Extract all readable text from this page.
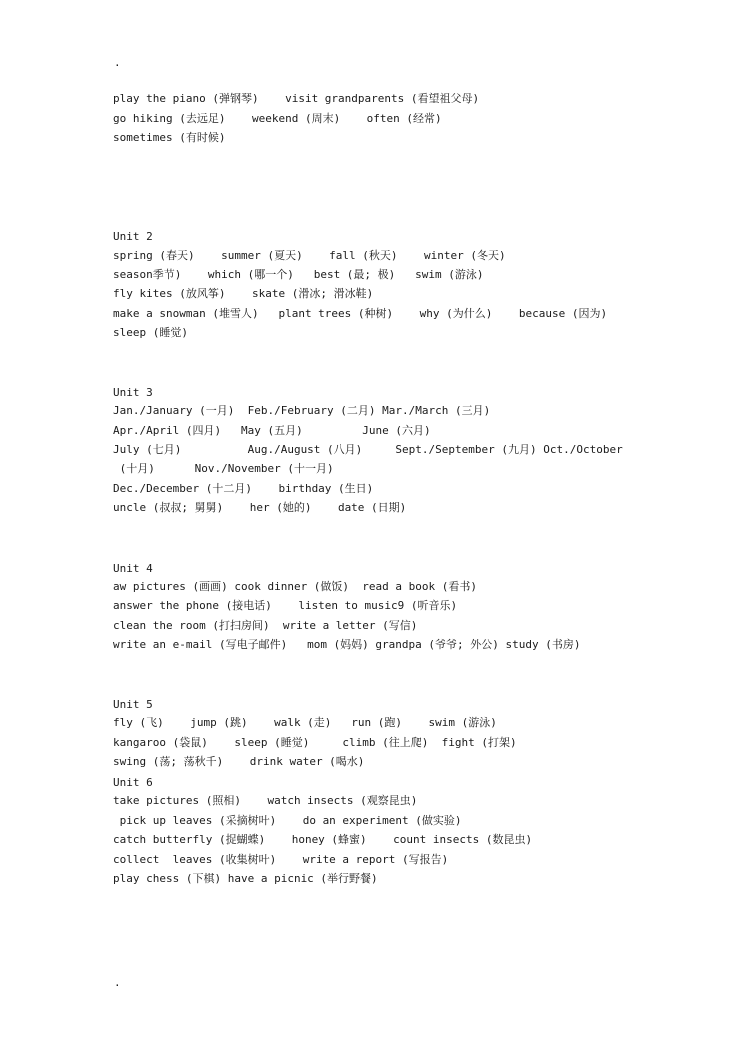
.
play the piano (弹钢琴)    visit grandparents (看望祖父母)
go hiking (去远足)    weekend (周末)    often (经常)
sometimes (有时候)
Unit 2
spring (春天)    summer (夏天)    fall (秋天)    winter (冬天)
season季节)    which (哪一个)   best (最; 极)   swim (游泳)
fly kites (放风筝)    skate (滑冰; 滑冰鞋)
make a snowman (堆雪人)   plant trees (种树)    why (为什么)    because (因为)
sleep (睡觉)
Unit 3
Jan./January (一月)  Feb./February (二月) Mar./March (三月)
Apr./April (四月)   May (五月)         June (六月)
July (七月)          Aug./August (八月)     Sept./September (九月) Oct./October
(十月)      Nov./November (十一月)
Dec./December (十二月)    birthday (生日)
uncle (叔叔; 舅舅)    her (她的)    date (日期)
Unit 4
aw pictures (画画) cook dinner (做饭)  read a book (看书)
answer the phone (接电话)    listen to music9 (听音乐)
clean the room (打扫房间)  write a letter (写信)
write an e-mail (写电子邮件)   mom (妈妈) grandpa (爷爷; 外公) study (书房)
Unit 5
fly (飞)    jump (跳)    walk (走)   run (跑)    swim (游泳)
kangaroo (袋鼠)    sleep (睡觉)     climb (往上爬)  fight (打架)
swing (荡; 荡秋千)    drink water (喝水)
Unit 6
take pictures (照相)    watch insects (观察昆虫)
pick up leaves (采摘树叶)    do an experiment (做实验)
catch butterfly (捉蝴蝶)    honey (蜂蜜)    count insects (数昆虫)
collect  leaves (收集树叶)    write a report (写报告)
play chess (下棋) have a picnic (举行野餐)
.
